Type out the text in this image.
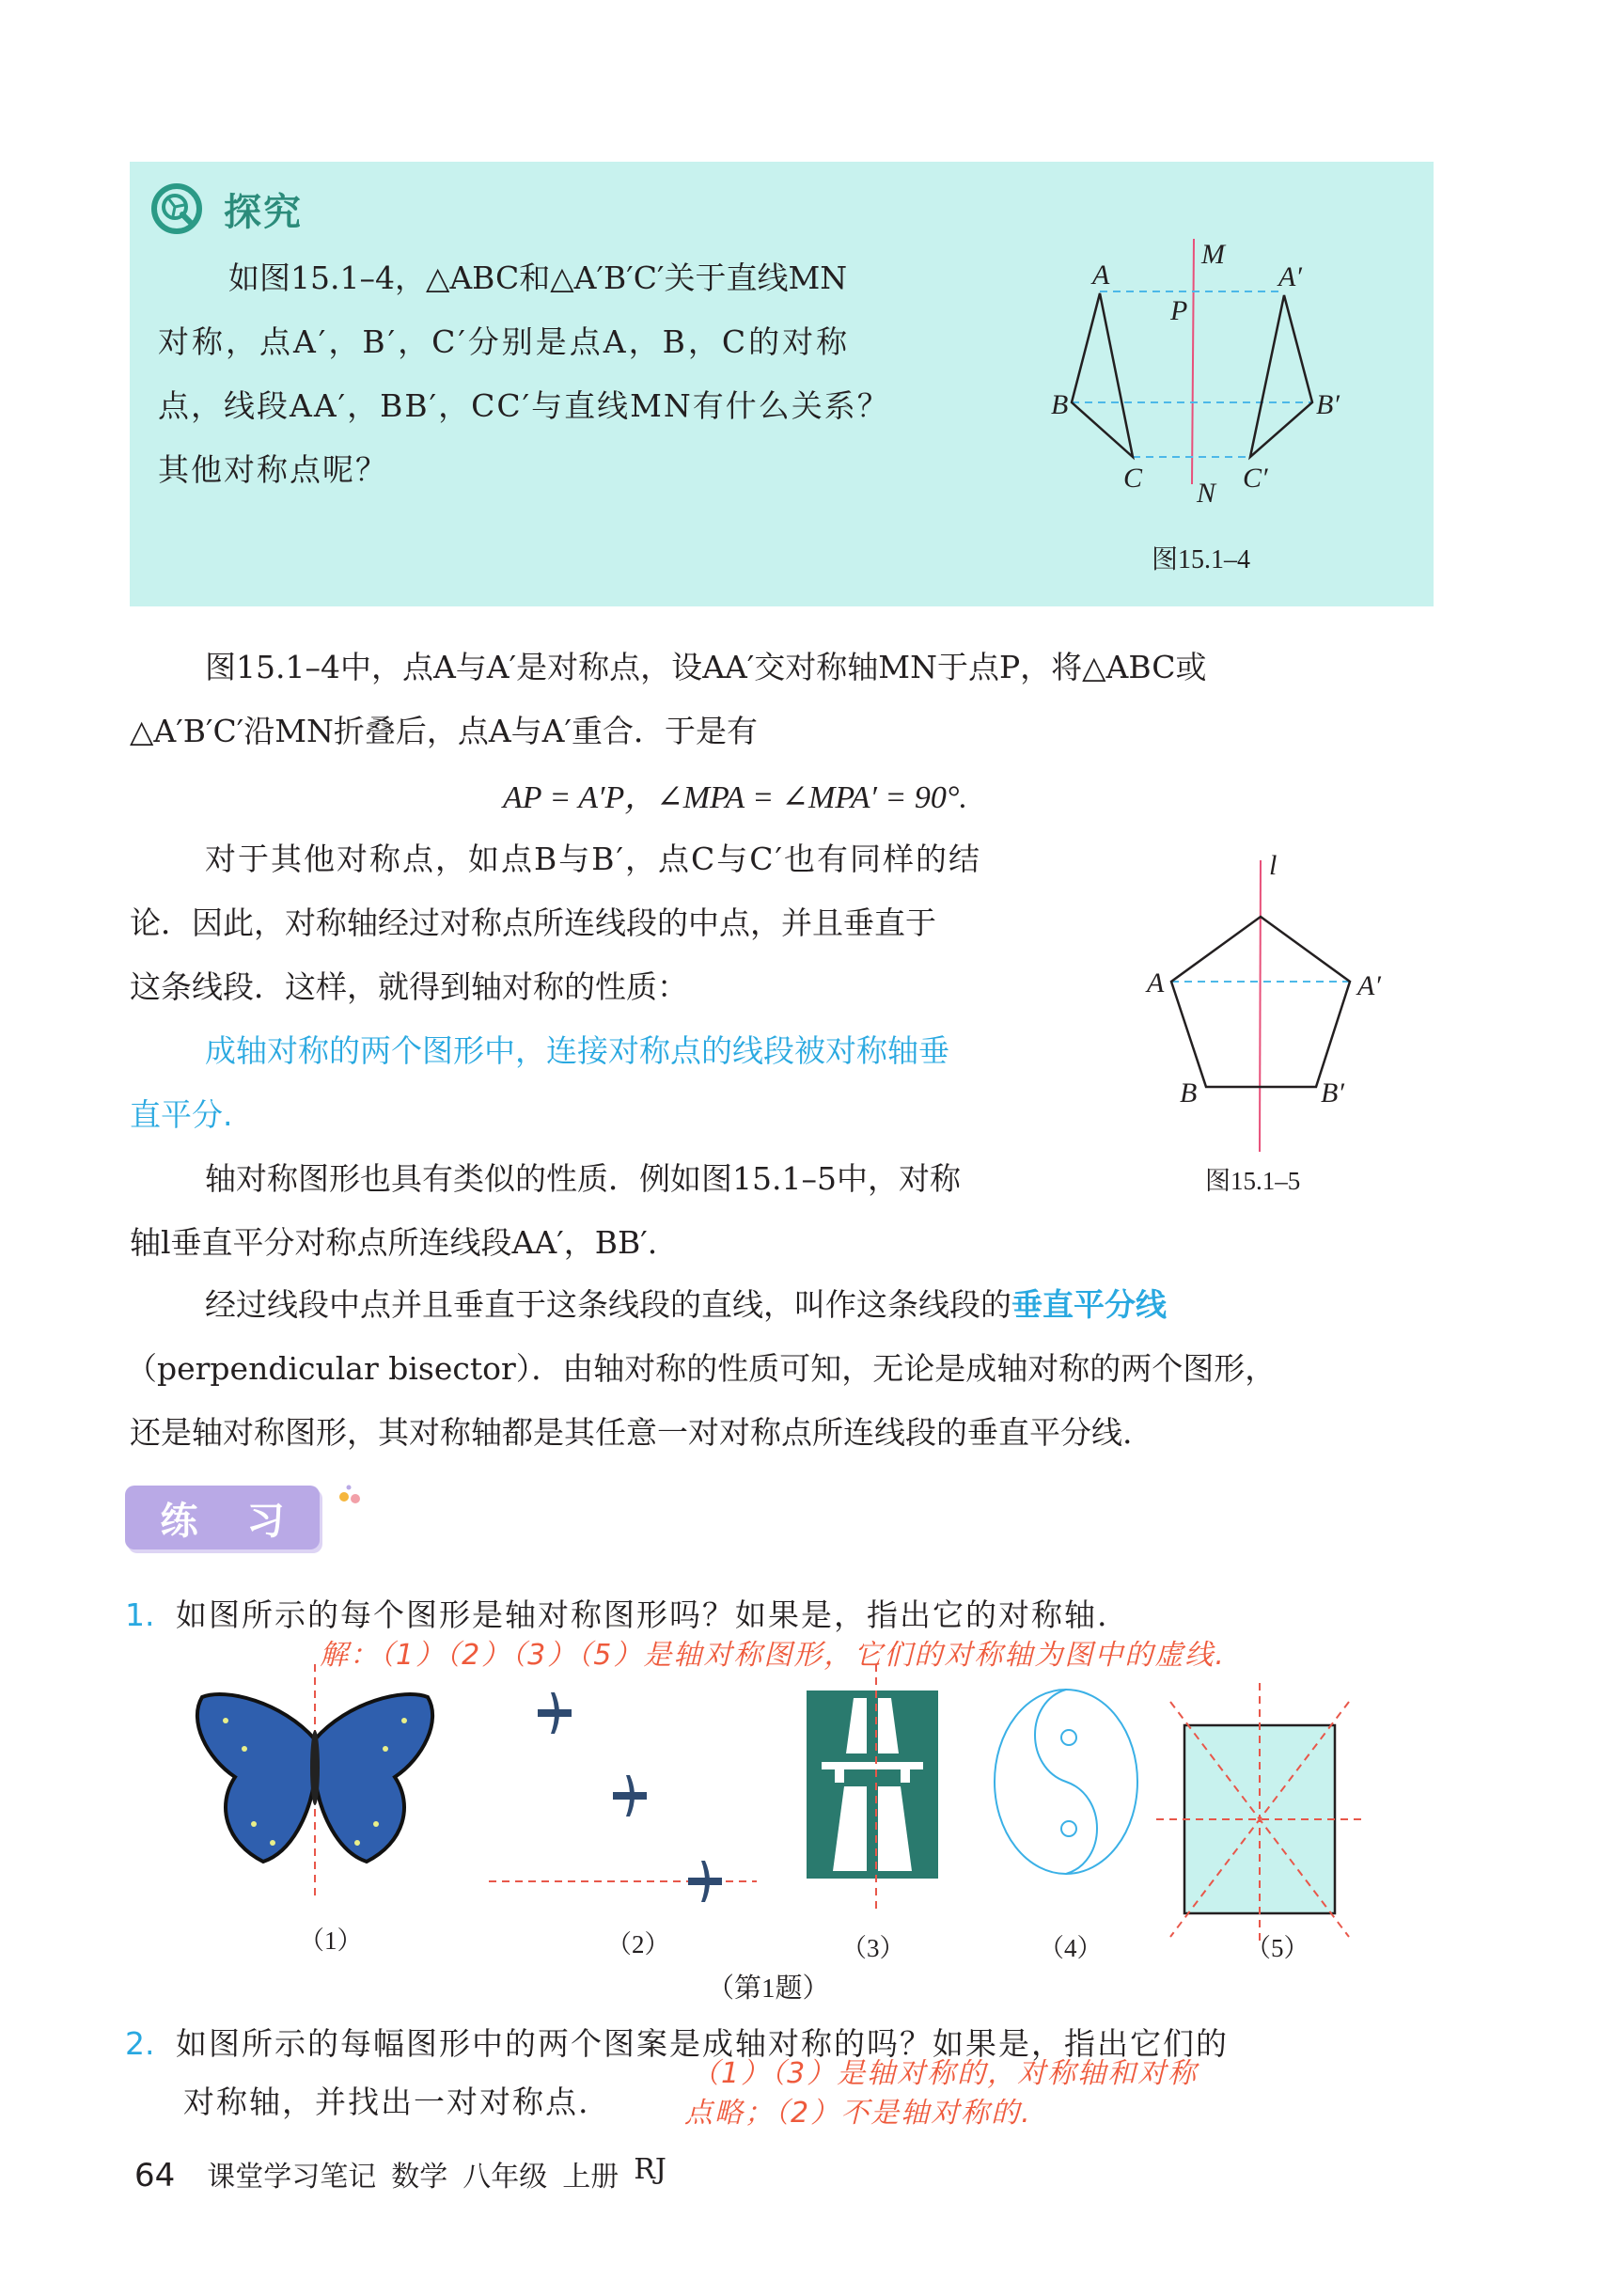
探究
如图15.1–4，△ABC和△A′B′C′关于直线MN
对称，点A′，B′，C′分别是点A，B，C的对称
点，线段AA′，BB′，CC′与直线MN有什么关系？
其他对称点呢？
M
A	A′
P
B	B′
C	C′
N
图15.1–4
图15.1–4中，点A与A′是对称点，设AA′交对称轴MN于点P，将△ABC或
△A′B′C′沿MN折叠后，点A与A′重合．于是有
AP = A′P，∠MPA = ∠MPA′ = 90°.
对于其他对称点，如点B与B′，点C与C′也有同样的结
论．因此，对称轴经过对称点所连线段的中点，并且垂直于
这条线段．这样，就得到轴对称的性质：
成轴对称的两个图形中，连接对称点的线段被对称轴垂
直平分.
轴对称图形也具有类似的性质．例如图15.1–5中，对称
轴l垂直平分对称点所连线段AA′，BB′.
经过线段中点并且垂直于这条线段的直线，叫作这条线段的垂直平分线
（perpendicular bisector）．由轴对称的性质可知，无论是成轴对称的两个图形，
还是轴对称图形，其对称轴都是其任意一对对称点所连线段的垂直平分线.
l
A	A′
B	B′
图15.1–5
练 习
1. 如图所示的每个图形是轴对称图形吗？如果是，指出它的对称轴.
解：（1）（2）（3）（5）是轴对称图形，它们的对称轴为图中的虚线.
（1）	（2）	（3）	（4）	（5）
（第1题）
2. 如图所示的每幅图形中的两个图案是成轴对称的吗？如果是，指出它们的
对称轴，并找出一对对称点.
（1）（3）是轴对称的，对称轴和对称
点略；（2）不是轴对称的.
64 课堂学习笔记 数学 八年级 上册 RJ
